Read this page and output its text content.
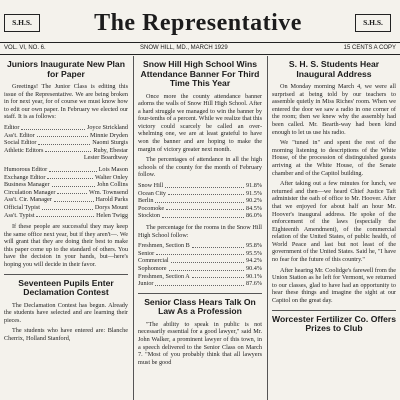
S.H.S.	The Representative	S.H.S.
VOL. VI, NO. 6.	SNOW HILL, MD., MARCH 1929	15 CENTS A COPY
Juniors Inaugurate New Plan for Paper

Greetings! The Junior Class is editing this issue of the Representative. We are being broken in for next year, for of course we must know how to edit our own paper. In February we elected our staff. It is as follows:

Editor	Joyce Strickland
Ass't. Editor	Minnie Dryden
Social Editor	Naomi Sturgis
Athletic Editors	Ruby, Ebestar
Lester Boardtway
Humorous Editor	Lois Mason
Exchange Editor	Walter Onley
Business Manager	John Collins
Circulation Manager	Wm. Townsend
Ass't. Cir. Manager	Harold Parks
Official Typist	Dorys Mount
Ass't. Typist	Helen Twigg

If these people are successful they may keep the same office next year, but if they aren't—. We will grant that they are doing their best to make this paper come up to the standard of others. You have the decision in your hands, but—here's hoping you will decide in their favor.

Seventeen Pupils Enter Declamation Contest

The Declamation Contest has begun. Already the students have selected and are learning their pieces.

The students who have entered are: Blanche Cherrix, Holland Stanford,

Snow Hill High School Wins Attendance Banner For Third Time This Year

Once more the county attendance banner adorns the walls of Snow Hill High School. After a hard struggle we managed to win the banner by four-tenths of a percent. While we realize that this victory could scarcely be called an over-whelming one, we are at least grateful to have won the banner and are hoping to make the margin of victory greater next month.

The percentages of attendance in all the high schools of the county for the month of February follow.

Snow Hill	91.8%
Ocean City	91.5%
Berlin	90.2%
Pocomoke	84.5%
Stockton	86.0%

The percentage for the rooms in the Snow Hill High School follow:

Freshmen, Section B	95.8%
Senior	95.5%
Commercial	94.2%
Sophomore	90.4%
Freshmen, Section A	90.1%
Junior	87.6%
Senior Class Hears Talk On Law As a Profession

"The ability to speak in public is not necessarily essential for a good lawyer," said Mr. John Walker, a prominent lawyer of this town, in a speech delivered to the Senior Class on March 7. "Most of you probably think that all lawyers must be good

S. H. S. Students Hear Inaugural Address

On Monday morning March 4, we were all surprised at being told by our teachers to assemble quietly in Miss Riches' room. When we entered the door we saw a radio in one corner of the room; then we knew why the assembly had been called. Mr. Bearth-way had been kind enough to let us use his radio.

We "tuned in" and spent the rest of the morning listening to descriptions of the White House, of the procession of distinguished guests arriving at the White House, of the Senate chamber and of the Capitol building.

After taking out a few minutes for lunch, we returned and then—we heard Chief Justice Taft administer the oath of office to Mr. Hoover. After that we enjoyed for about half an hour Mr. Hoover's inaugural address. He spoke of the enforcement of the laws (especially the Eighteenth Amendment), of the commercial relation of the United States, of public health, of World Peace and last but not least of the government of the United States. Said he, "I have no fear for the future of this country."

After hearing Mr. Coolidge's farewell from the Union Station as he left for Vermont, we returned to our classes, glad to have had an opportunity to hear these things and imagine the sight at our Capitol on the great day.

Worcester Fertilizer Co. Offers Prizes to Club
